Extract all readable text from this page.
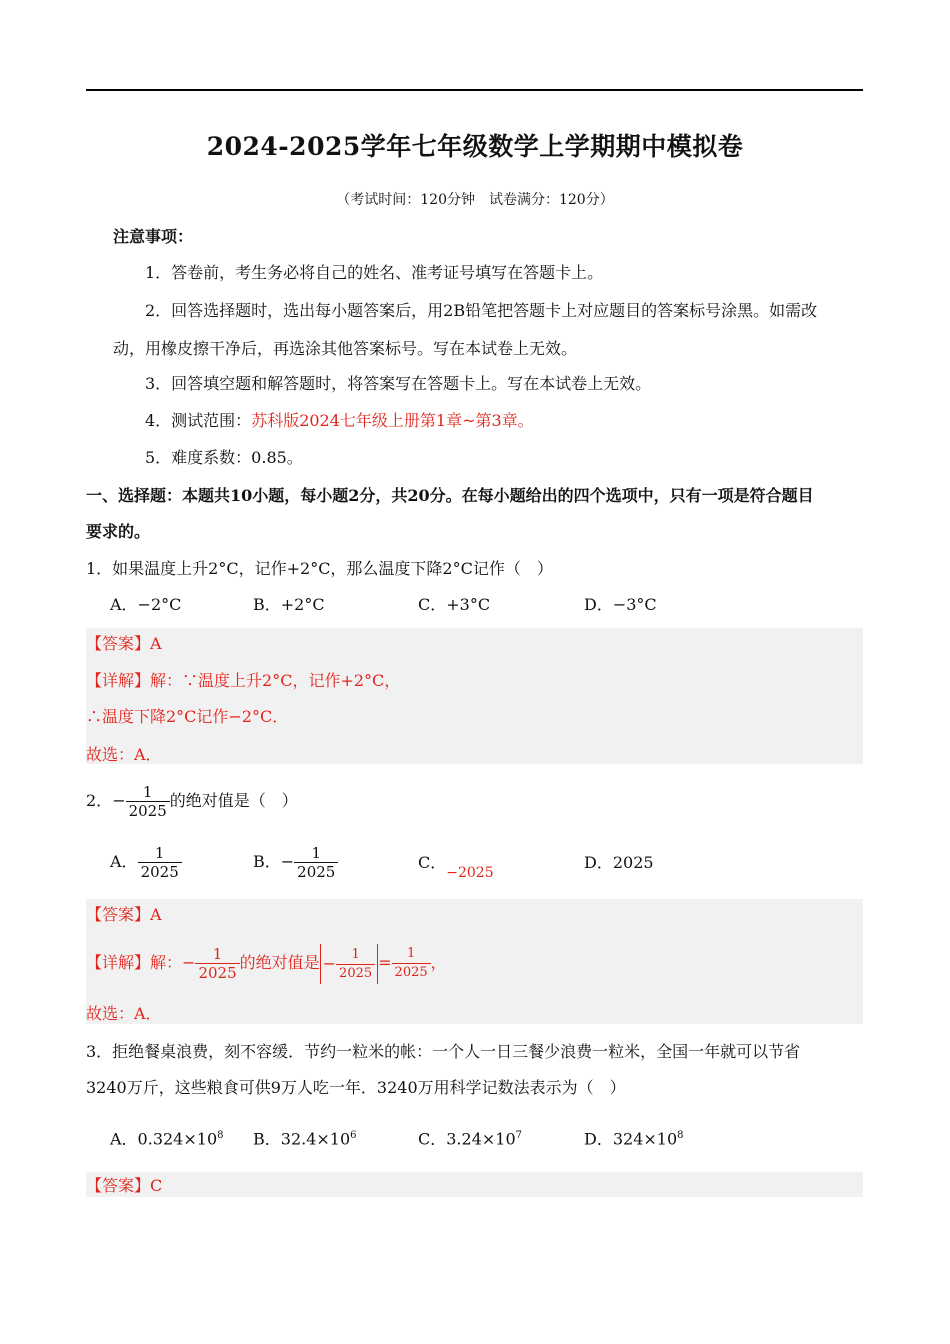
2024-2025学年七年级数学上学期期中模拟卷
（考试时间：120分钟　试卷满分：120分）
注意事项：
1．答卷前，考生务必将自己的姓名、准考证号填写在答题卡上。
2．回答选择题时，选出每小题答案后，用2B铅笔把答题卡上对应题目的答案标号涂黑。如需改
动，用橡皮擦干净后，再选涂其他答案标号。写在本试卷上无效。
3．回答填空题和解答题时，将答案写在答题卡上。写在本试卷上无效。
4．测试范围：苏科版2024七年级上册第1章~第3章。
5．难度系数：0.85。
一、选择题：本题共10小题，每小题2分，共20分。在每小题给出的四个选项中，只有一项是符合题目
要求的。
1．如果温度上升2°C，记作+2°C，那么温度下降2°C记作（　）
A．−2°C	B．+2°C	C．+3°C	D．−3°C
【答案】A
【详解】解：∵温度上升2°C，记作+2°C，
∴温度下降2°C记作−2°C．
故选：A．
2．− $\frac{1}{2025}$ 的绝对值是（　）
A． $\frac{1}{2025}$	B．− $\frac{1}{2025}$	C．−2025
D．2025
【答案】A
【详解】解：− $\frac{1}{2025}$ 的绝对值是 − $\frac{1}{2025} = \frac{1}{2025}$ ，
故选：A．
3．拒绝餐桌浪费，刻不容缓．节约一粒米的帐：一个人一日三餐少浪费一粒米，全国一年就可以节省
3240万斤，这些粮食可供9万人吃一年．3240万用科学记数法表示为（　）
A．$0.324\times 10^8$ B．$32.4\times 10^6$	C．$3.24\times 10^7$	D．$324\times 10^8$
【答案】C
